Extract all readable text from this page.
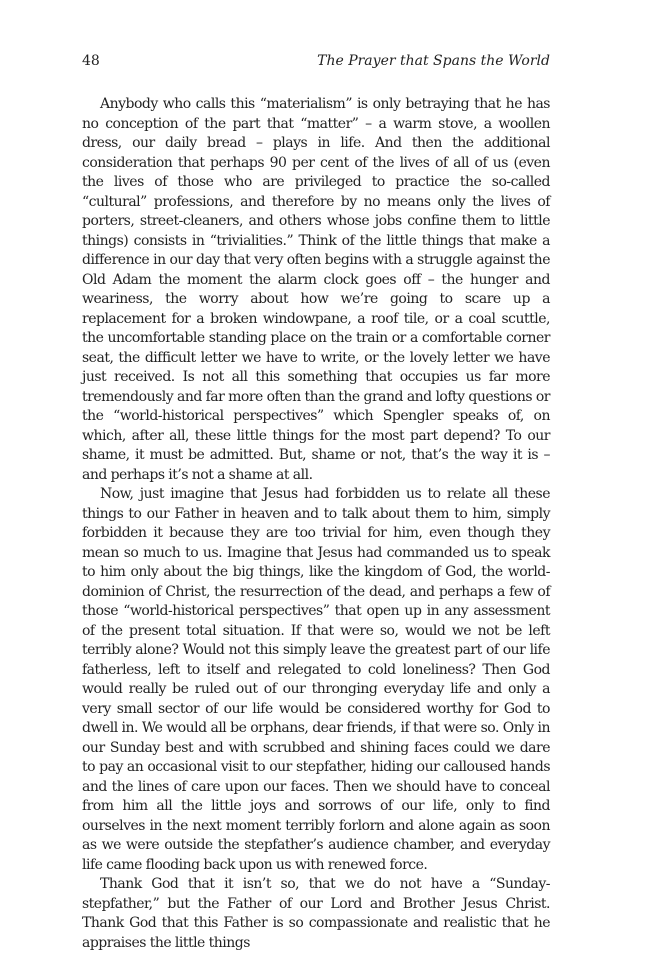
48	The Prayer that Spans the World

Anybody who calls this “materialism” is only betraying that he has no conception of the part that “matter” – a warm stove, a woollen dress, our daily bread – plays in life. And then the additional consideration that perhaps 90 per cent of the lives of all of us (even the lives of those who are privileged to practice the so-called “cultural” professions, and therefore by no means only the lives of porters, street-cleaners, and others whose jobs confine them to little things) consists in “trivialities.” Think of the little things that make a difference in our day that very often begins with a struggle against the Old Adam the moment the alarm clock goes off – the hunger and weariness, the worry about how we’re going to scare up a replacement for a broken windowpane, a roof tile, or a coal scuttle, the uncomfortable standing place on the train or a comfortable corner seat, the difficult letter we have to write, or the lovely letter we have just received. Is not all this something that occupies us far more tremendously and far more often than the grand and lofty questions or the “world-historical perspectives” which Spengler speaks of, on which, after all, these little things for the most part depend? To our shame, it must be admitted. But, shame or not, that’s the way it is – and perhaps it’s not a shame at all.

Now, just imagine that Jesus had forbidden us to relate all these things to our Father in heaven and to talk about them to him, simply forbidden it because they are too trivial for him, even though they mean so much to us. Imagine that Jesus had commanded us to speak to him only about the big things, like the kingdom of God, the world-dominion of Christ, the resurrection of the dead, and perhaps a few of those “world-historical perspectives” that open up in any assessment of the present total situation. If that were so, would we not be left terribly alone? Would not this simply leave the greatest part of our life fatherless, left to itself and relegated to cold loneliness? Then God would really be ruled out of our thronging everyday life and only a very small sector of our life would be considered worthy for God to dwell in. We would all be orphans, dear friends, if that were so. Only in our Sunday best and with scrubbed and shining faces could we dare to pay an occasional visit to our stepfather, hiding our calloused hands and the lines of care upon our faces. Then we should have to conceal from him all the little joys and sorrows of our life, only to find ourselves in the next moment terribly forlorn and alone again as soon as we were outside the stepfather’s audience chamber, and everyday life came flooding back upon us with renewed force.

Thank God that it isn’t so, that we do not have a “Sunday-stepfather,” but the Father of our Lord and Brother Jesus Christ. Thank God that this Father is so compassionate and realistic that he appraises the little things
